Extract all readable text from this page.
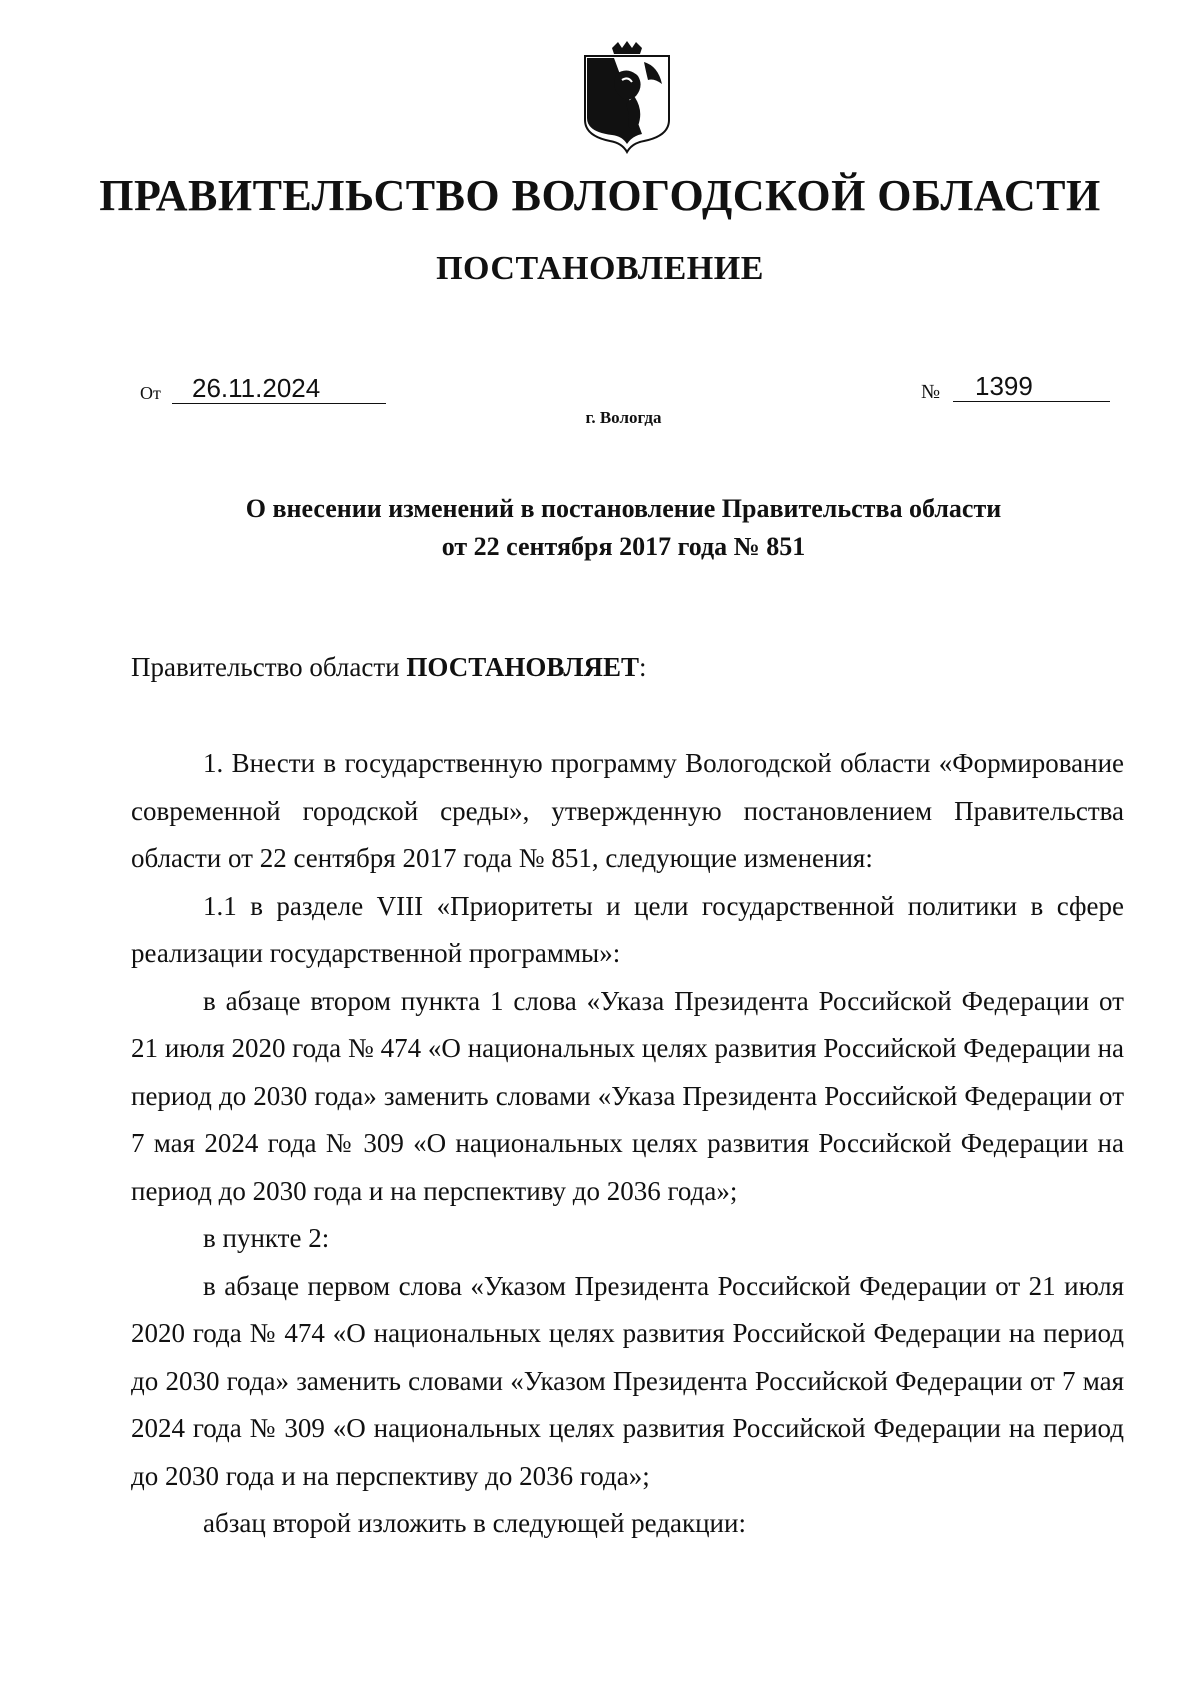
ПРАВИТЕЛЬСТВО ВОЛОГОДСКОЙ ОБЛАСТИ
ПОСТАНОВЛЕНИЕ
От	26.11.2024	№	1399
г. Вологда
О внесении изменений в постановление Правительства области
от 22 сентября 2017 года № 851
Правительство области ПОСТАНОВЛЯЕТ:

1. Внести в государственную программу Вологодской области «Формирование современной городской среды», утвержденную постановлением Правительства области от 22 сентября 2017 года № 851, следующие изменения:

1.1 в разделе VIII «Приоритеты и цели государственной политики в сфере реализации государственной программы»:

в абзаце втором пункта 1 слова «Указа Президента Российской Федерации от 21 июля 2020 года № 474 «О национальных целях развития Российской Федерации на период до 2030 года» заменить словами «Указа Президента Российской Федерации от 7 мая 2024 года № 309 «О национальных целях развития Российской Федерации на период до 2030 года и на перспективу до 2036 года»;

в пункте 2:

в абзаце первом слова «Указом Президента Российской Федерации от 21 июля 2020 года № 474 «О национальных целях развития Российской Федерации на период до 2030 года» заменить словами «Указом Президента Российской Федерации от 7 мая 2024 года № 309 «О национальных целях развития Российской Федерации на период до 2030 года и на перспективу до 2036 года»;

абзац второй изложить в следующей редакции:
